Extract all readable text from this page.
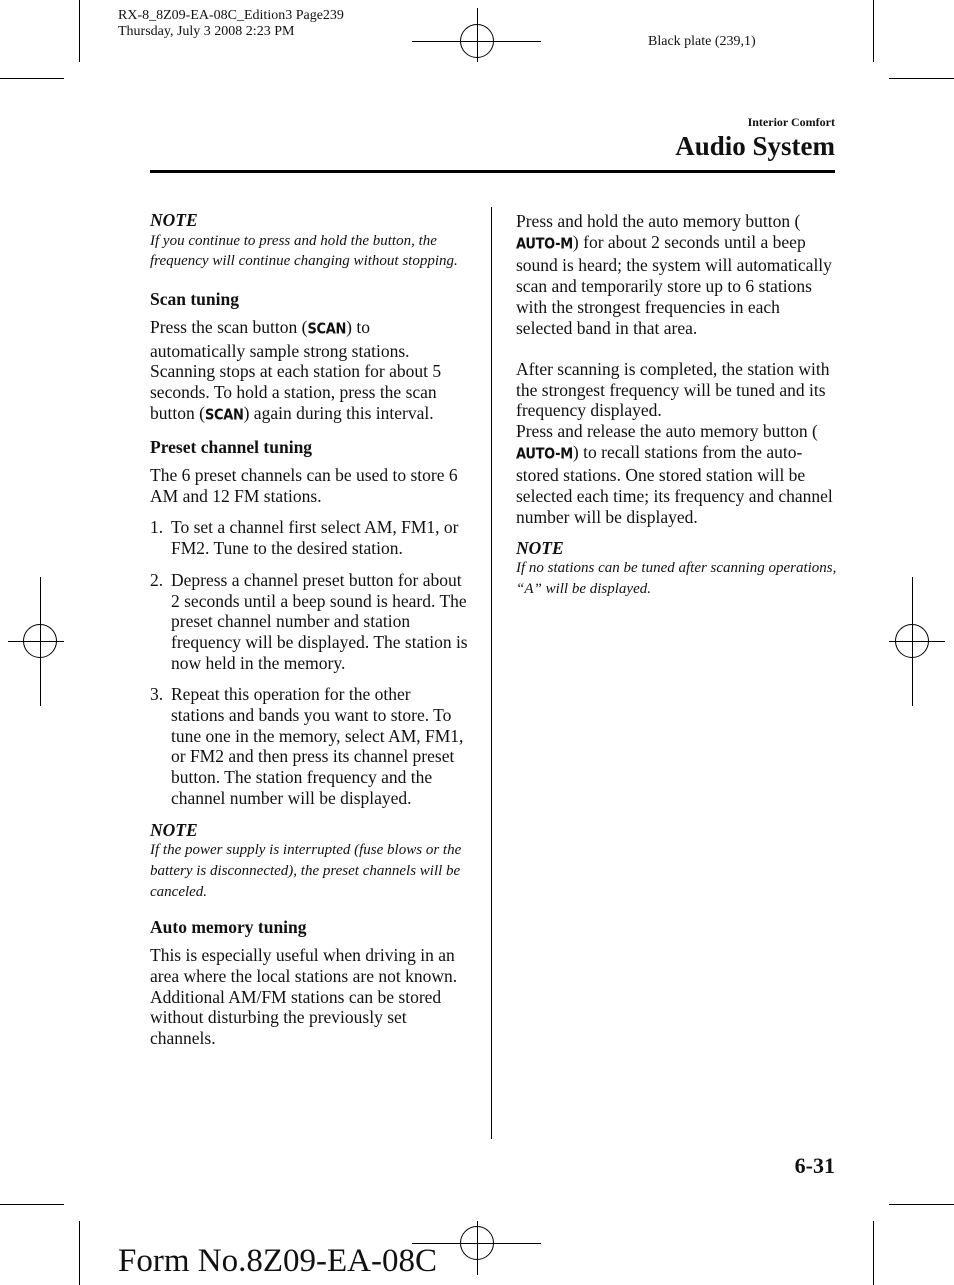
RX-8_8Z09-EA-08C_Edition3 Page239
Thursday, July 3 2008 2:23 PM
Black plate (239,1)
Interior Comfort
Audio System

NOTE

If you continue to press and hold the button, the frequency will continue changing without stopping.

Scan tuning

Press the scan button (SCAN) to automatically sample strong stations. Scanning stops at each station for about 5 seconds. To hold a station, press the scan button (SCAN) again during this interval.

Preset channel tuning

The 6 preset channels can be used to store 6 AM and 12 FM stations.

1. To set a channel first select AM, FM1, or FM2. Tune to the desired station.
2. Depress a channel preset button for about 2 seconds until a beep sound is heard. The preset channel number and station frequency will be displayed. The station is now held in the memory.
3. Repeat this operation for the other stations and bands you want to store. To tune one in the memory, select AM, FM1, or FM2 and then press its channel preset button. The station frequency and the channel number will be displayed.

NOTE

If the power supply is interrupted (fuse blows or the battery is disconnected), the preset channels will be canceled.

Auto memory tuning

This is especially useful when driving in an area where the local stations are not known. Additional AM/FM stations can be stored without disturbing the previously set channels.

Press and hold the auto memory button (AUTO-M) for about 2 seconds until a beep sound is heard; the system will automatically scan and temporarily store up to 6 stations with the strongest frequencies in each selected band in that area.

After scanning is completed, the station with the strongest frequency will be tuned and its frequency displayed.

Press and release the auto memory button (AUTO-M) to recall stations from the auto-stored stations. One stored station will be selected each time; its frequency and channel number will be displayed.

NOTE

If no stations can be tuned after scanning operations, “A” will be displayed.

6-31
Form No.8Z09-EA-08C
